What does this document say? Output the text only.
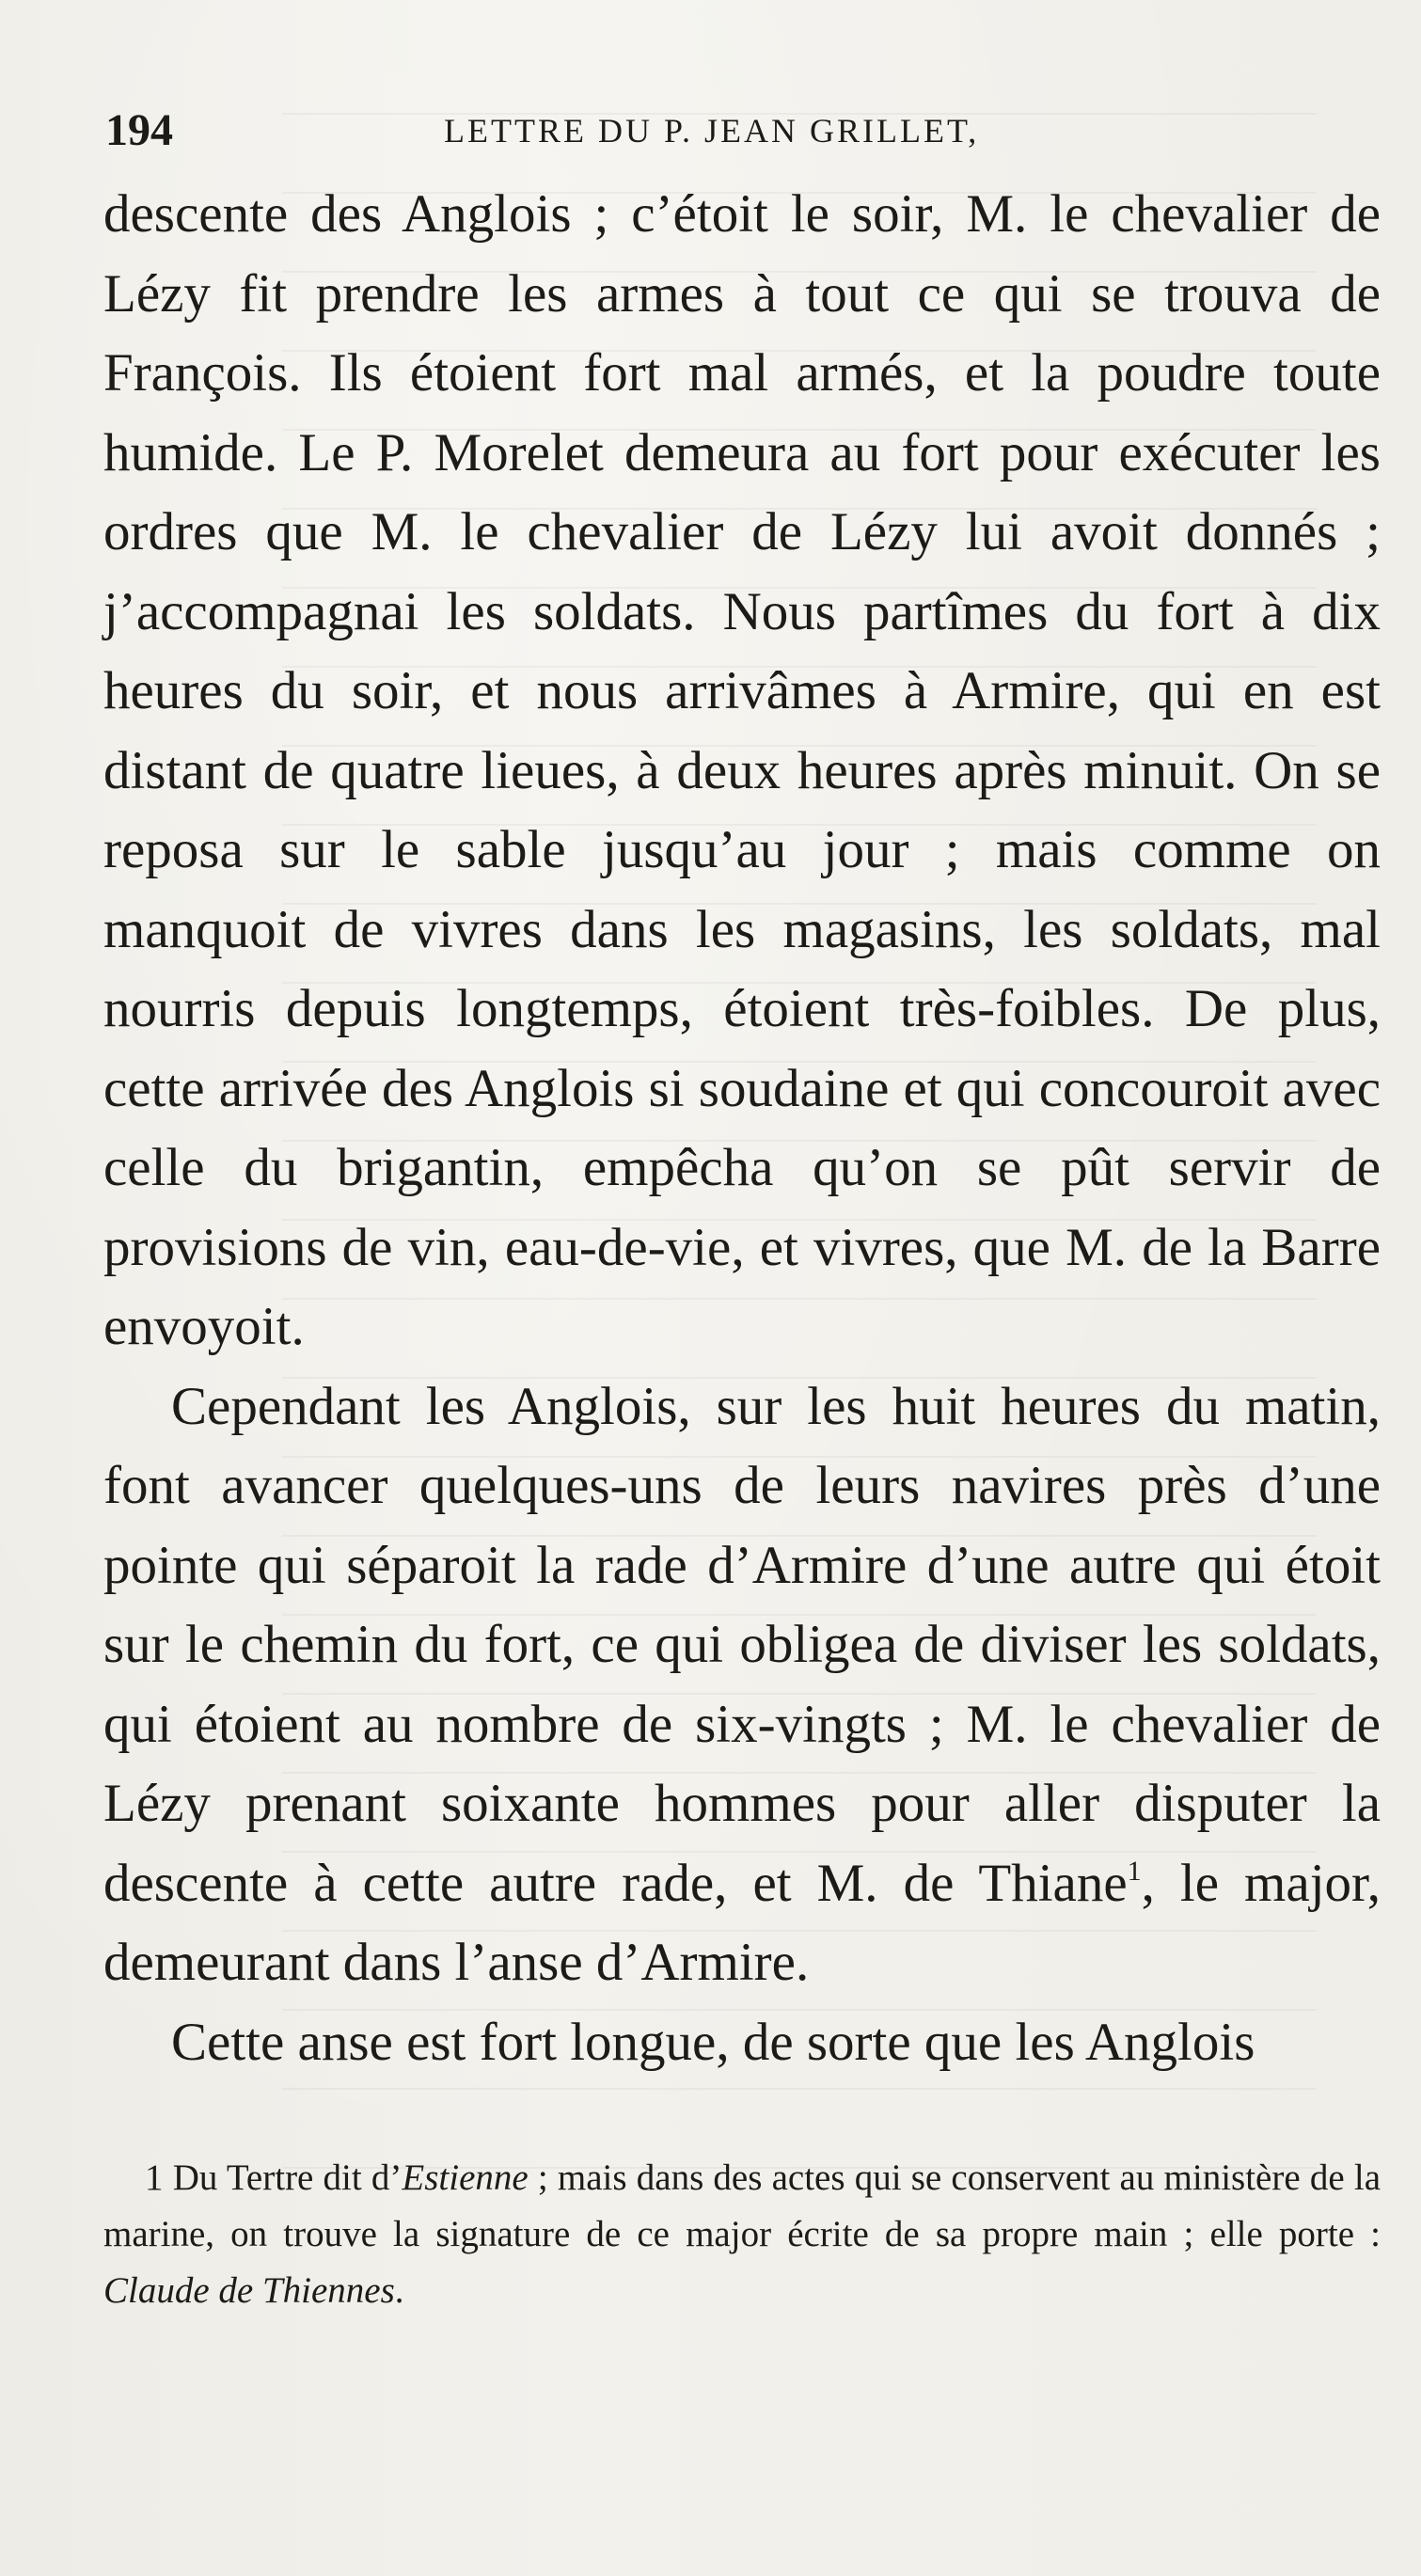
194	LETTRE DU P. JEAN GRILLET,

descente des Anglois ; c’étoit le soir, M. le chevalier de Lézy fit prendre les armes à tout ce qui se trouva de François. Ils étoient fort mal armés, et la poudre toute humide. Le P. Morelet demeura au fort pour exécuter les ordres que M. le chevalier de Lézy lui avoit donnés ; j’accompagnai les soldats. Nous partîmes du fort à dix heures du soir, et nous arrivâmes à Armire, qui en est distant de quatre lieues, à deux heures après minuit. On se reposa sur le sable jusqu’au jour ; mais comme on manquoit de vivres dans les magasins, les soldats, mal nourris depuis longtemps, étoient très-foibles. De plus, cette arrivée des Anglois si soudaine et qui concouroit avec celle du brigantin, empêcha qu’on se pût servir de provisions de vin, eau-de-vie, et vivres, que M. de la Barre envoyoit.

Cependant les Anglois, sur les huit heures du matin, font avancer quelques-uns de leurs navires près d’une pointe qui séparoit la rade d’Armire d’une autre qui étoit sur le chemin du fort, ce qui obligea de diviser les soldats, qui étoient au nombre de six-vingts ; M. le chevalier de Lézy prenant soixante hommes pour aller disputer la descente à cette autre rade, et M. de Thiane$^1$, le major, demeurant dans l’anse d’Armire.

Cette anse est fort longue, de sorte que les Anglois

1 Du Tertre dit d’Estienne ; mais dans des actes qui se conservent au ministère de la marine, on trouve la signature de ce major écrite de sa propre main ; elle porte : Claude de Thiennes.
